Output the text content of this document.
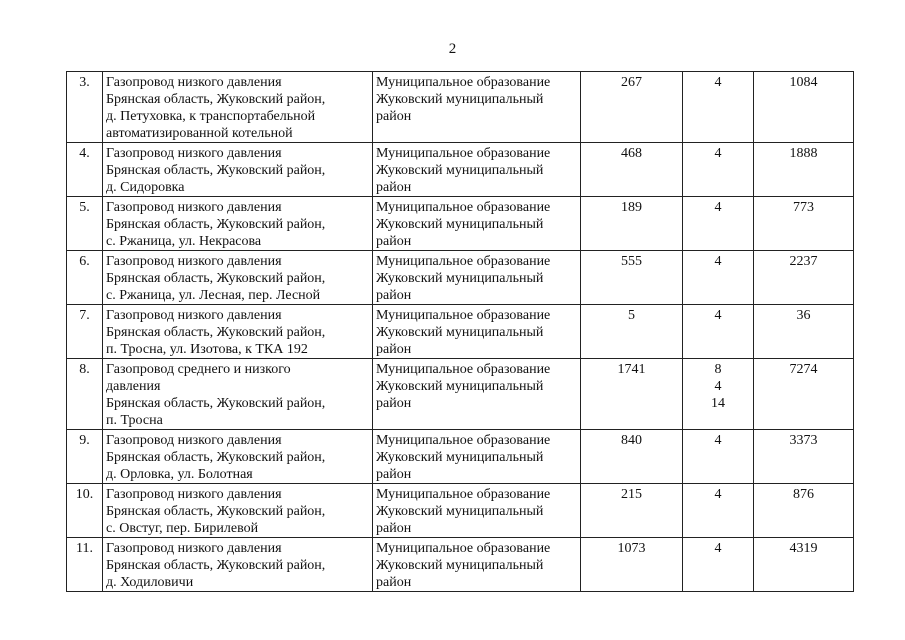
2
3.	Газопровод низкого давления
Брянская область, Жуковский район,
д. Петуховка, к транспортабельной
автоматизированной котельной	Муниципальное образование
Жуковский муниципальный
район	267	4	1084

4.	Газопровод низкого давления
Брянская область, Жуковский район,
д. Сидоровка	Муниципальное образование
Жуковский муниципальный
район	468	4	1888

5.	Газопровод низкого давления
Брянская область, Жуковский район,
с. Ржаница, ул. Некрасова	Муниципальное образование
Жуковский муниципальный
район	189	4	773

6.	Газопровод низкого давления
Брянская область, Жуковский район,
с. Ржаница, ул. Лесная, пер. Лесной	Муниципальное образование
Жуковский муниципальный
район	555	4	2237

7.	Газопровод низкого давления
Брянская область, Жуковский район,
п. Тросна, ул. Изотова, к ТКА 192	Муниципальное образование
Жуковский муниципальный
район	5	4	36

8.	Газопровод среднего и низкого
давления
Брянская область, Жуковский район,
п. Тросна	Муниципальное образование
Жуковский муниципальный
район	1741	8
4
14	7274

9.	Газопровод низкого давления
Брянская область, Жуковский район,
д. Орловка, ул. Болотная	Муниципальное образование
Жуковский муниципальный
район	840	4	3373

10.	Газопровод низкого давления
Брянская область, Жуковский район,
с. Овстуг, пер. Бирилевой	Муниципальное образование
Жуковский муниципальный
район	215	4	876

11.	Газопровод низкого давления
Брянская область, Жуковский район,
д. Ходиловичи	Муниципальное образование
Жуковский муниципальный
район	1073	4	4319
